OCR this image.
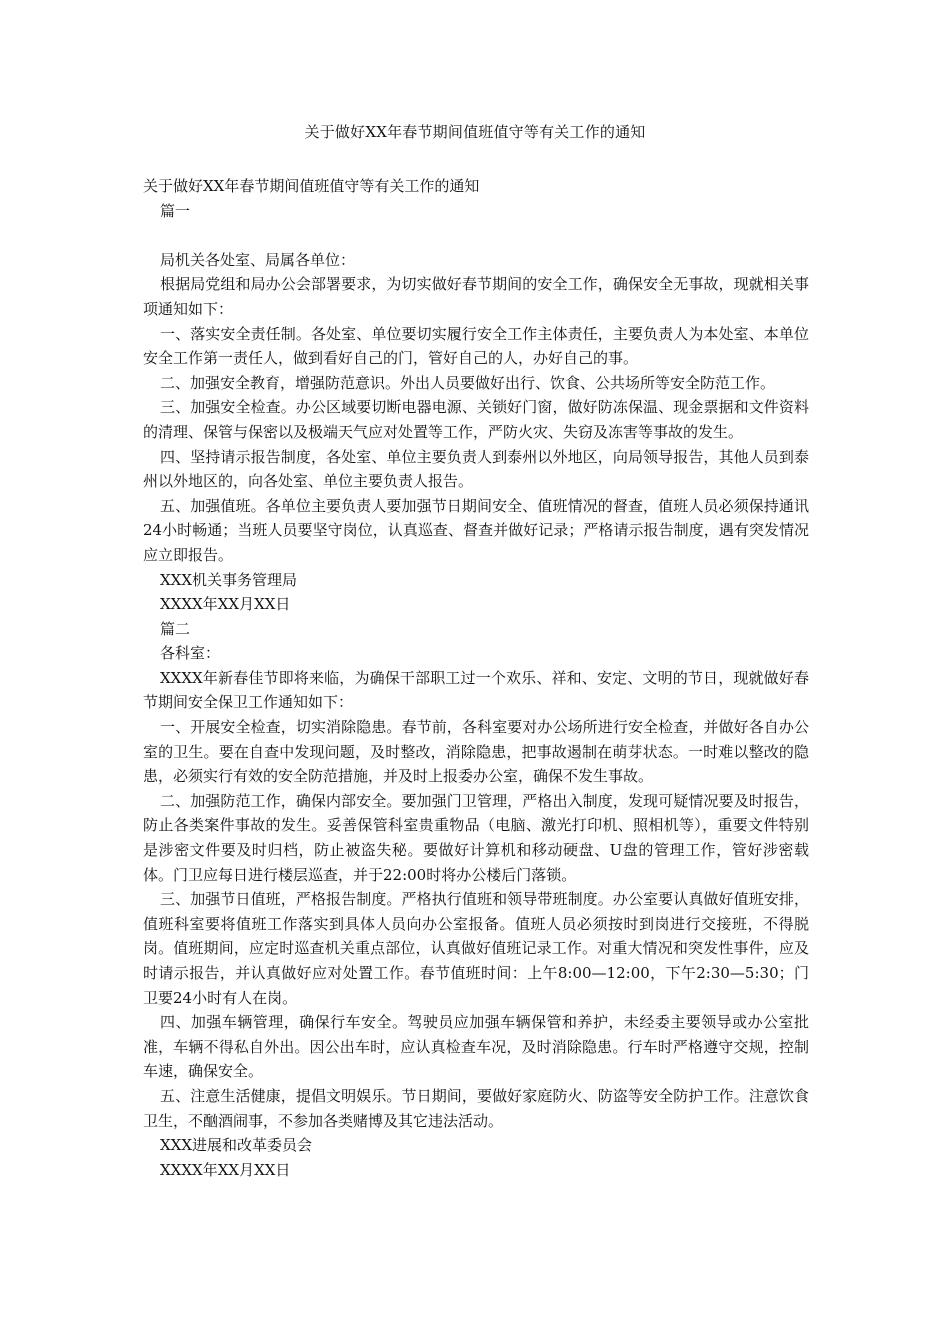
关于做好XX年春节期间值班值守等有关工作的通知

关于做好XX年春节期间值班值守等有关工作的通知

篇一

局机关各处室、局属各单位：

根据局党组和局办公会部署要求，为切实做好春节期间的安全工作，确保安全无事故，现就相关事项通知如下：

一、落实安全责任制。各处室、单位要切实履行安全工作主体责任，主要负责人为本处室、本单位安全工作第一责任人，做到看好自己的门，管好自己的人，办好自己的事。

二、加强安全教育，增强防范意识。外出人员要做好出行、饮食、公共场所等安全防范工作。

三、加强安全检查。办公区域要切断电器电源、关锁好门窗，做好防冻保温、现金票据和文件资料的清理、保管与保密以及极端天气应对处置等工作，严防火灾、失窃及冻害等事故的发生。

四、坚持请示报告制度，各处室、单位主要负责人到泰州以外地区，向局领导报告，其他人员到泰州以外地区的，向各处室、单位主要负责人报告。

五、加强值班。各单位主要负责人要加强节日期间安全、值班情况的督查，值班人员必须保持通讯24小时畅通；当班人员要坚守岗位，认真巡查、督查并做好记录；严格请示报告制度，遇有突发情况应立即报告。

XXX机关事务管理局

XXXX年XX月XX日

篇二

各科室：

XXXX年新春佳节即将来临，为确保干部职工过一个欢乐、祥和、安定、文明的节日，现就做好春节期间安全保卫工作通知如下：

一、开展安全检查，切实消除隐患。春节前，各科室要对办公场所进行安全检查，并做好各自办公室的卫生。要在自查中发现问题，及时整改，消除隐患，把事故遏制在萌芽状态。一时难以整改的隐患，必须实行有效的安全防范措施，并及时上报委办公室，确保不发生事故。

二、加强防范工作，确保内部安全。要加强门卫管理，严格出入制度，发现可疑情况要及时报告，防止各类案件事故的发生。妥善保管科室贵重物品（电脑、激光打印机、照相机等），重要文件特别是涉密文件要及时归档，防止被盗失秘。要做好计算机和移动硬盘、U盘的管理工作，管好涉密载体。门卫应每日进行楼层巡查，并于22:00时将办公楼后门落锁。

三、加强节日值班，严格报告制度。严格执行值班和领导带班制度。办公室要认真做好值班安排，值班科室要将值班工作落实到具体人员向办公室报备。值班人员必须按时到岗进行交接班，不得脱岗。值班期间，应定时巡查机关重点部位，认真做好值班记录工作。对重大情况和突发性事件，应及时请示报告，并认真做好应对处置工作。春节值班时间：上午8:00—12:00，下午2:30—5:30；门卫要24小时有人在岗。

四、加强车辆管理，确保行车安全。驾驶员应加强车辆保管和养护，未经委主要领导或办公室批准，车辆不得私自外出。因公出车时，应认真检查车况，及时消除隐患。行车时严格遵守交规，控制车速，确保安全。

五、注意生活健康，提倡文明娱乐。节日期间，要做好家庭防火、防盗等安全防护工作。注意饮食卫生，不酗酒闹事，不参加各类赌博及其它违法活动。

XXX进展和改革委员会

XXXX年XX月XX日
